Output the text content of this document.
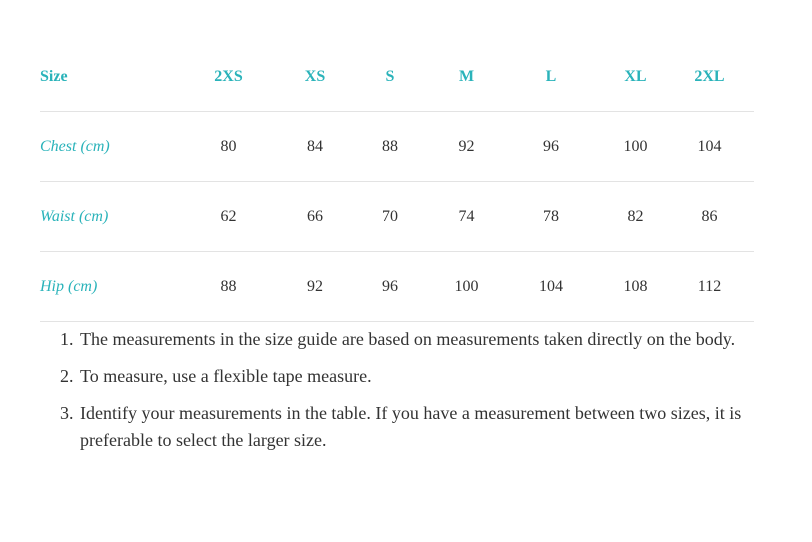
Size	2XS	XS	S	M	L	XL	2XL
Chest (cm)	80	84	88	92	96	100	104
Waist (cm)	62	66	70	74	78	82	86
Hip (cm)	88	92	96	100	104	108	112
1. The measurements in the size guide are based on measurements taken directly on the body.
2. To measure, use a flexible tape measure.
3. Identify your measurements in the table. If you have a measurement between two sizes, it is preferable to select the larger size.
